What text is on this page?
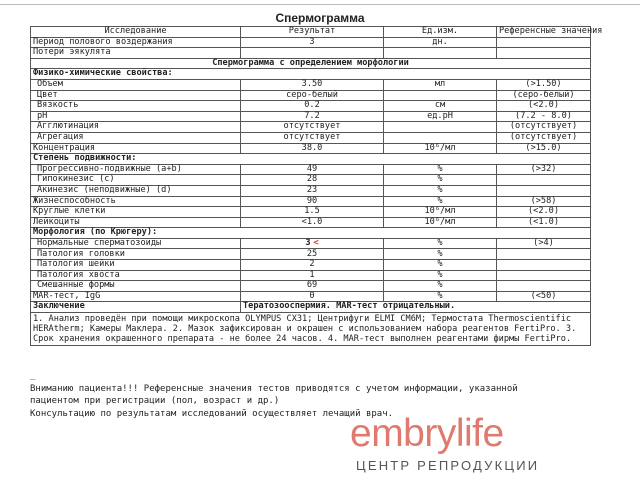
Спермограмма
Исследование	Результат	Ед.изм.	Референсные значения
Период полового воздержания	3	дн.	
Потери эякулята			
Спермограмма с определением морфологии			
Физико-химические свойства:			
Объем	3.50	мл	(>1.50)
Цвет	серо-белый		(серо-белый)
Вязкость	0.2	см	(<2.0)
pH	7.2	ед.pH	(7.2 - 8.0)
Агглютинация	отсутствует		(отсутствует)
Агрегация	отсутствует		(отсутствует)
Концентрация	38.0	10⁶/мл	(>15.0)
Степень подвижности:			
Прогрессивно-подвижные (a+b)	49	%	(>32)
Гипокинезис (c)	28	%	
Акинезис (неподвижные) (d)	23	%	
Жизнеспособность	90	%	(>58)
Круглые клетки	1.5	10⁶/мл	(<2.0)
Лейкоциты	<1.0	10⁶/мл	(<1.0)
Морфология (по Крюгеру):			
Нормальные сперматозоиды	3 <	%	(>4)
Патология головки	25	%	
Патология шейки	2	%	
Патология хвоста	1	%	
Смешанные формы	69	%	
MAR-тест, IgG	0	%	(<50)
Заключение	Тератозооспермия. MAR-тест отрицательный.		
1. Анализ проведён при помощи микроскопа OLYMPUS CX31; Центрифуги ELMI CM6M; Термостата Thermoscientific HERAtherm; Камеры Маклера. 2. Мазок зафиксирован и окрашен с использованием набора реагентов FertiPro. 3. Срок хранения окрашенного препарата - не более 24 часов. 4. MAR-тест выполнен реагентами фирмы FertiPro.			
_
Вниманию пациента!!! Референсные значения тестов приводятся с учетом информации, указанной
пациентом при регистрации (пол, возраст и др.)
Консультацию по результатам исследований осуществляет лечащий врач.
embrylife
ЦЕНТР РЕПРОДУКЦИИ
